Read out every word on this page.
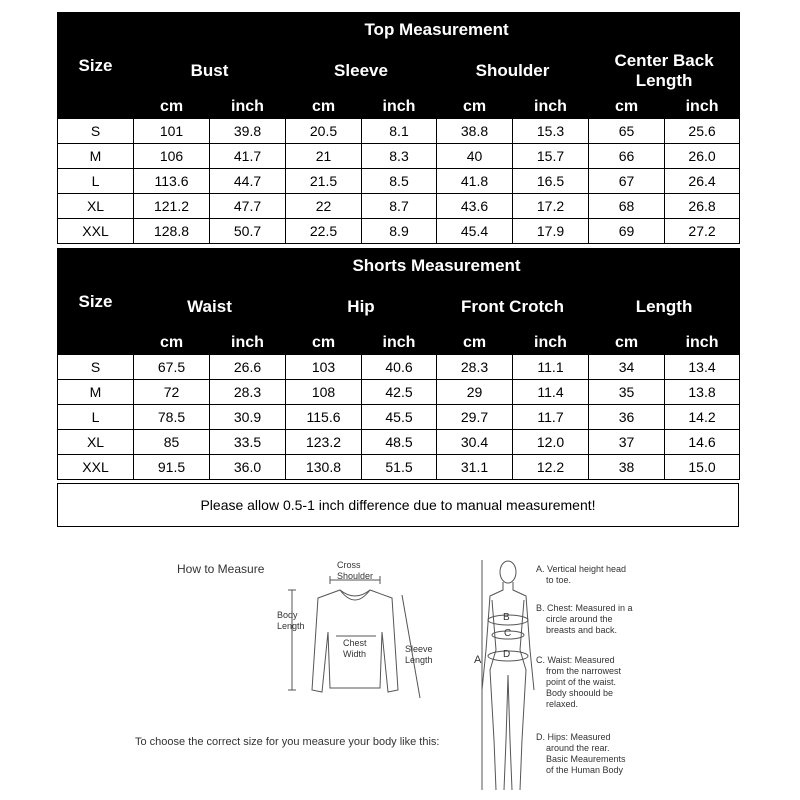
Size	Top Measurement							
	Bust		Sleeve		Shoulder		Center Back Length	
	cm	inch	cm	inch	cm	inch	cm	inch
S	101	39.8	20.5	8.1	38.8	15.3	65	25.6
M	106	41.7	21	8.3	40	15.7	66	26.0
L	113.6	44.7	21.5	8.5	41.8	16.5	67	26.4
XL	121.2	47.7	22	8.7	43.6	17.2	68	26.8
XXL	128.8	50.7	22.5	8.9	45.4	17.9	69	27.2
Size	Shorts Measurement							
	Waist		Hip		Front Crotch		Length	
	cm	inch	cm	inch	cm	inch	cm	inch
S	67.5	26.6	103	40.6	28.3	11.1	34	13.4
M	72	28.3	108	42.5	29	11.4	35	13.8
L	78.5	30.9	115.6	45.5	29.7	11.7	36	14.2
XL	85	33.5	123.2	48.5	30.4	12.0	37	14.6
XXL	91.5	36.0	130.8	51.5	31.1	12.2	38	15.0
Please allow 0.5-1 inch difference due to manual measurement!
How to Measure	Cross
Shoulder
Body
Length
Chest
Width	Sleeve
Length
To choose the correct size for you measure your body like this:
A
B
C
D
A. Vertical height head
to toe.
B. Chest: Measured in a
circle around the
breasts and back.
C. Waist: Measured
from the narrowest
point of the waist.
Body shoould be
relaxed.
D. Hips: Measured
around the rear.
Basic Meaurements
of the Human Body
